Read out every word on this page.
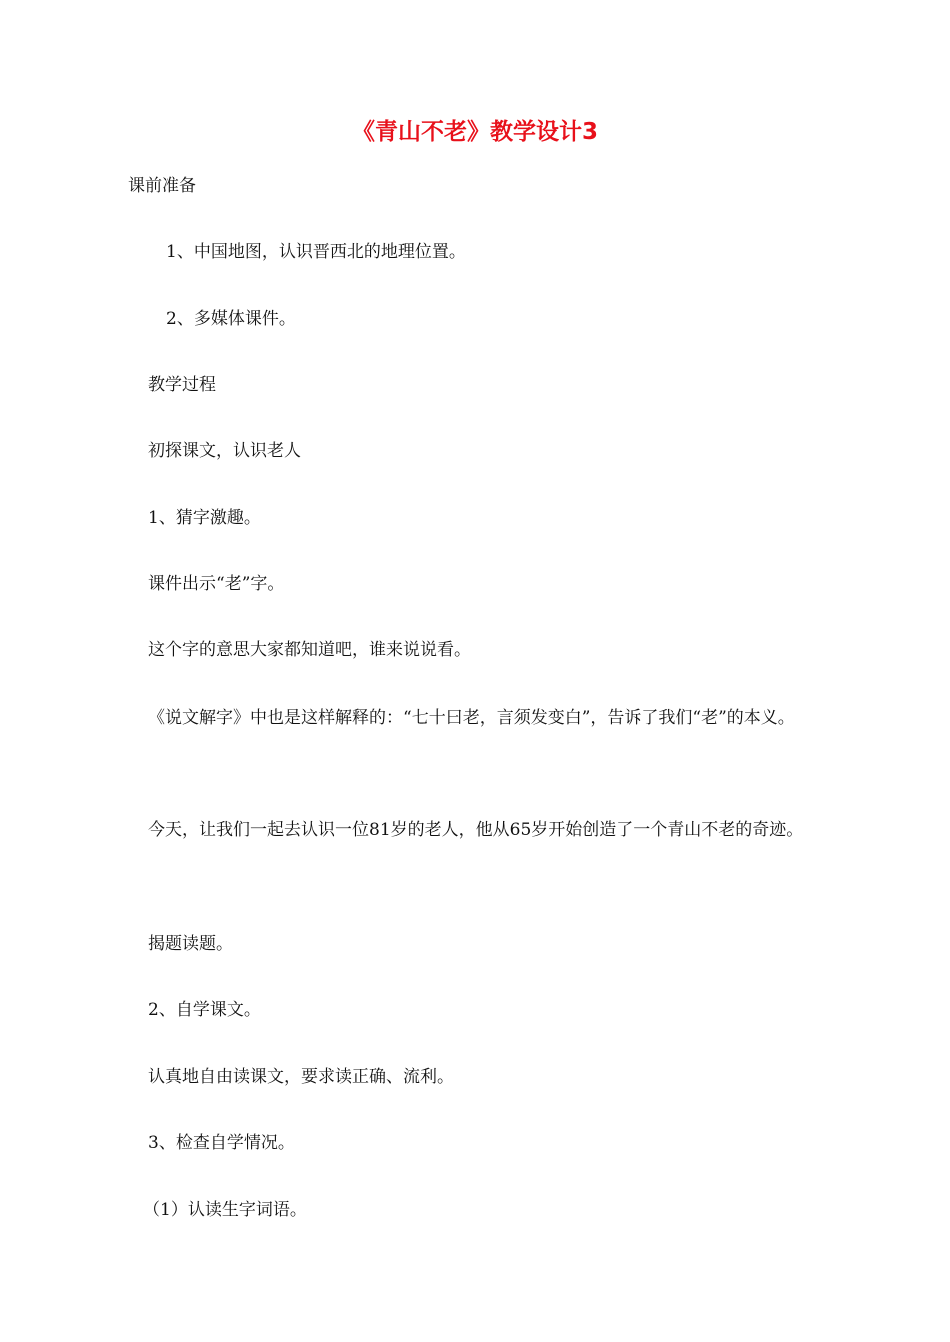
《青山不老》教学设计3

课前准备

1、中国地图，认识晋西北的地理位置。

2、多媒体课件。

教学过程

初探课文，认识老人

1、猜字激趣。

课件出示“老”字。

这个字的意思大家都知道吧，谁来说说看。

《说文解字》中也是这样解释的：“七十曰老，言须发变白”，告诉了我们“老”的本义。

今天，让我们一起去认识一位81岁的老人，他从65岁开始创造了一个青山不老的奇迹。

揭题读题。

2、自学课文。

认真地自由读课文，要求读正确、流利。

3、检查自学情况。

（1）认读生字词语。
